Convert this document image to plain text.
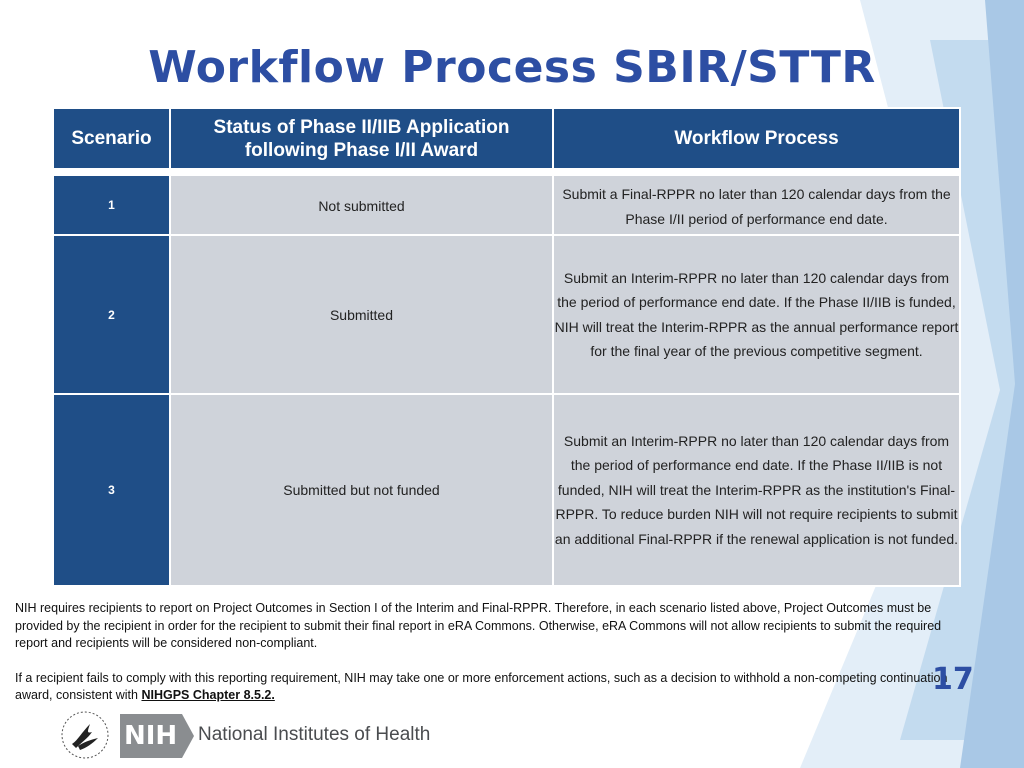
Workflow Process SBIR/STTR
Scenario	Status of Phase II/IIB Application following Phase I/II Award	Workflow Process

1	Not submitted	Submit a Final-RPPR no later than 120 calendar days from the Phase I/II period of performance end date.
2	Submitted	Submit an Interim-RPPR no later than 120 calendar days from the period of performance end date. If the Phase II/IIB is funded, NIH will treat the Interim-RPPR as the annual performance report for the final year of the previous competitive segment.
3	Submitted but not funded	Submit an Interim-RPPR no later than 120 calendar days from the period of performance end date. If the Phase II/IIB is not funded, NIH will treat the Interim-RPPR as the institution's Final-RPPR. To reduce burden NIH will not require recipients to submit an additional Final-RPPR if the renewal application is not funded.

NIH requires recipients to report on Project Outcomes in Section I of the Interim and Final-RPPR. Therefore, in each scenario listed above, Project Outcomes must be provided by the recipient in order for the recipient to submit their final report in eRA Commons. Otherwise, eRA Commons will not allow recipients to submit the required report and recipients will be considered non-compliant.

If a recipient fails to comply with this reporting requirement, NIH may take one or more enforcement actions, such as a decision to withhold a non-competing continuation award, consistent with NIHGPS Chapter 8.5.2.	17
NIH National Institutes of Health
